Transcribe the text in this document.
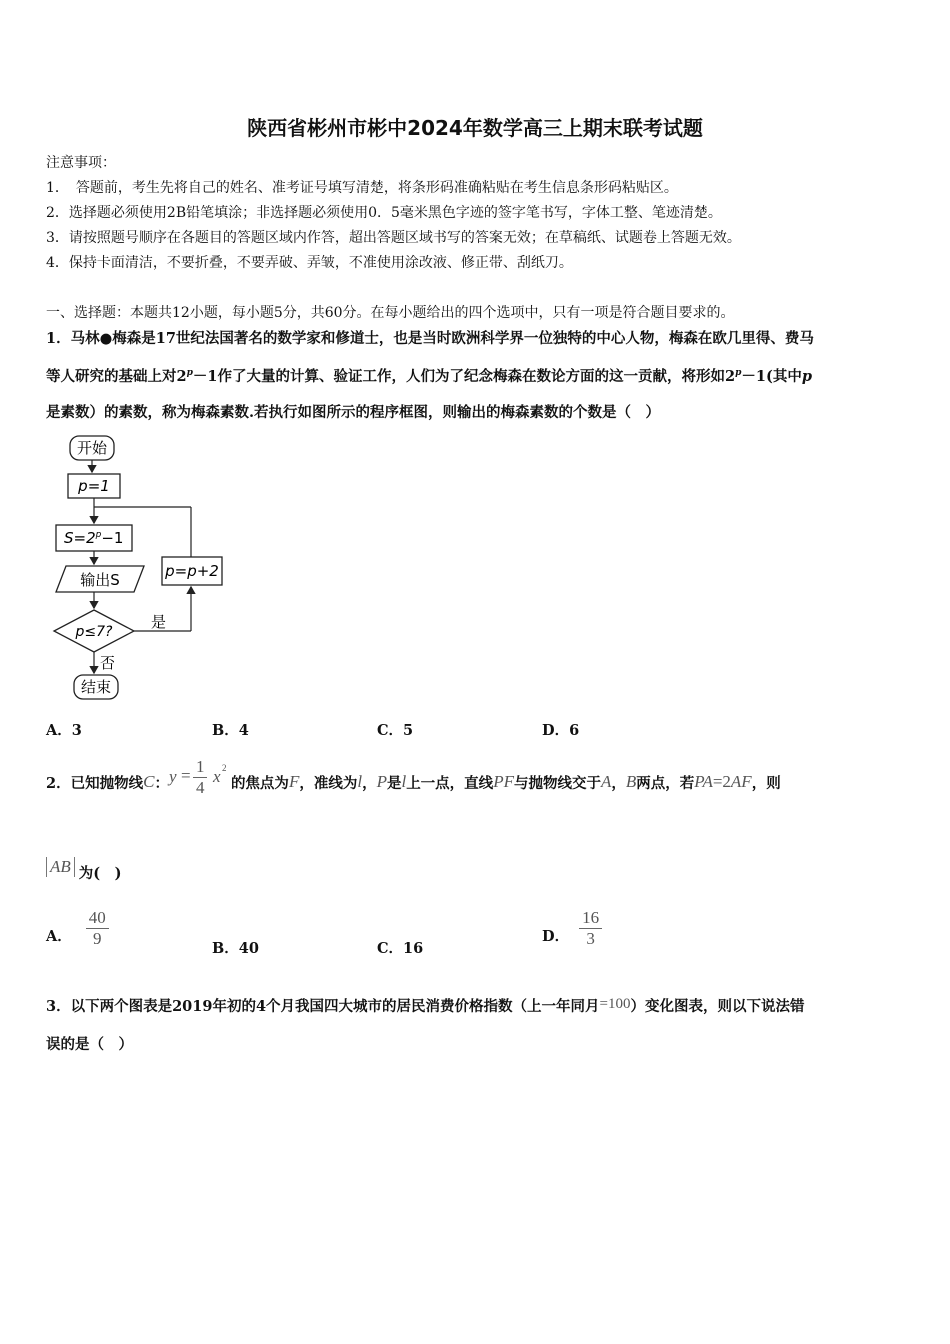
陕西省彬州市彬中2024年数学高三上期末联考试题
注意事项：
1．　答题前，考生先将自己的姓名、准考证号填写清楚，将条形码准确粘贴在考生信息条形码粘贴区。
2．选择题必须使用2B铅笔填涂；非选择题必须使用0．5毫米黑色字迹的签字笔书写，字体工整、笔迹清楚。
3．请按照题号顺序在各题目的答题区域内作答，超出答题区域书写的答案无效；在草稿纸、试题卷上答题无效。
4．保持卡面清洁，不要折叠，不要弄破、弄皱，不准使用涂改液、修正带、刮纸刀。
一、选择题：本题共12小题，每小题5分，共60分。在每小题给出的四个选项中，只有一项是符合题目要求的。
1．马林●梅森是17世纪法国著名的数学家和修道士，也是当时欧洲科学界一位独特的中心人物，梅森在欧几里得、费马
等人研究的基础上对$2^p-1$作了大量的计算、验证工作，人们为了纪念梅森在数论方面的这一贡献，将形如$2^p-1$(其中p
是素数）的素数，称为梅森素数.若执行如图所示的程序框图，则输出的梅森素数的个数是（　）
开始
p=1
$S=2^p-1$
输出S	p=p+2
p≤7?
是
否
结束
A．3	B．4	C．5	D．6
2．已知抛物线 C ： $y = \frac{1}{4}$ x 2
的焦点为 F ，准线为 l ， P 是 l 上一点，直线 PF 与抛物线交于 A ， B 两点，若 PA =2 AF ，则
AB 为(　)
A． $\frac{40}{9}$	B．40	C．16
D． $\frac{16}{3}$
3．以下两个图表是2019年初的4个月我国四大城市的居民消费价格指数（上一年同月=100）变化图表，则以下说法错
误的是（　）
